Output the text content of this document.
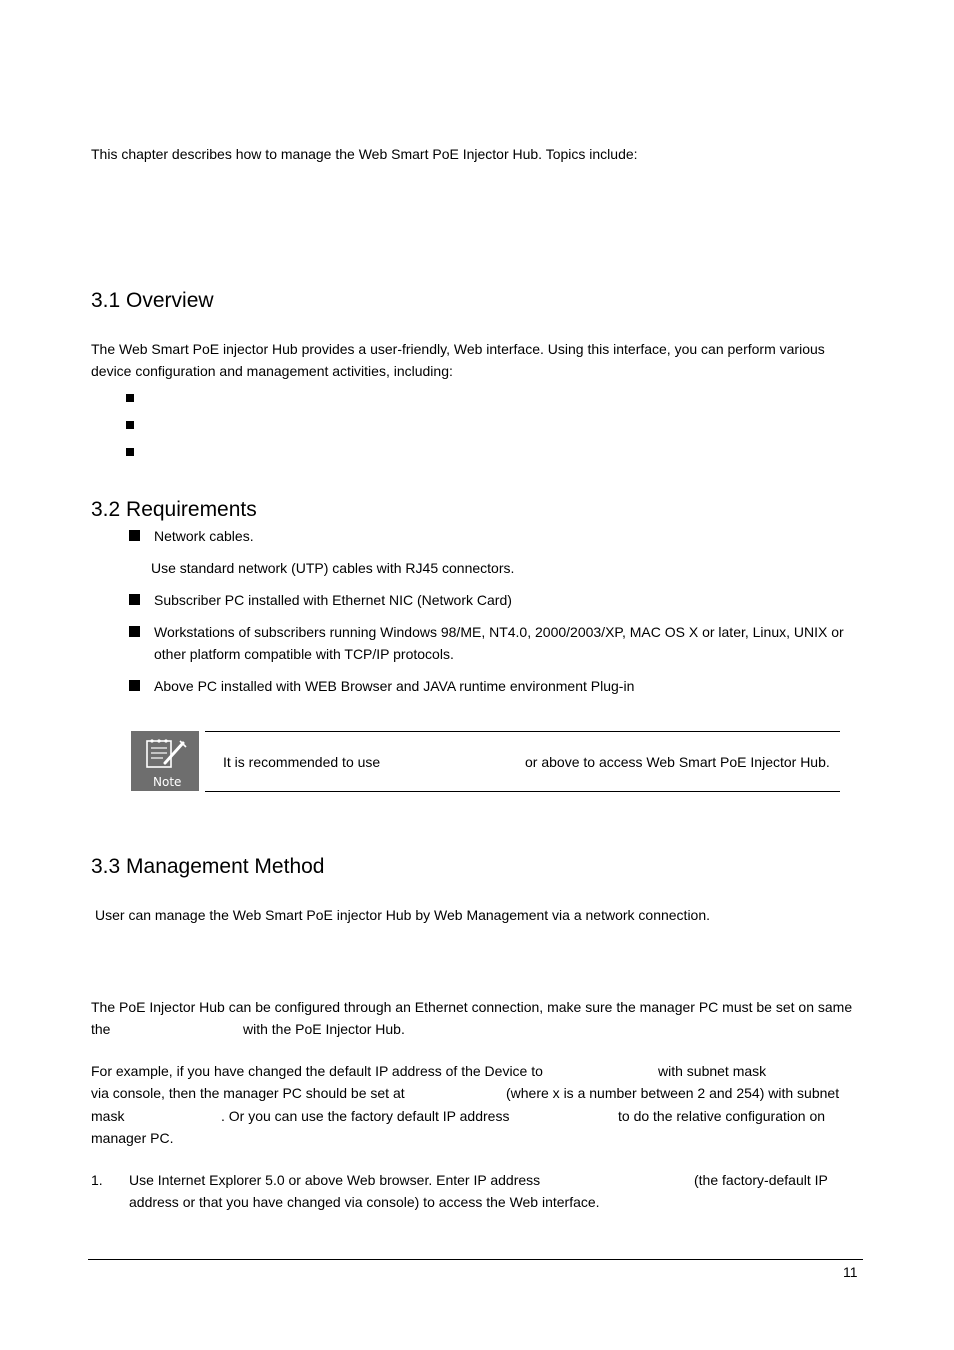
This chapter describes how to manage the Web Smart PoE Injector Hub. Topics include:
3.1 Overview
The Web Smart PoE injector Hub provides a user-friendly, Web interface. Using this interface, you can perform various
device configuration and management activities, including:
3.2 Requirements
Network cables.
Use standard network (UTP) cables with RJ45 connectors.
Subscriber PC installed with Ethernet NIC (Network Card)
Workstations of subscribers running Windows 98/ME, NT4.0, 2000/2003/XP, MAC OS X or later, Linux, UNIX or
other platform compatible with TCP/IP protocols.
Above PC installed with WEB Browser and JAVA runtime environment Plug-in
Note
It is recommended to use	or above to access Web Smart PoE Injector Hub.
3.3 Management Method
User can manage the Web Smart PoE injector Hub by Web Management via a network connection.
The PoE Injector Hub can be configured through an Ethernet connection, make sure the manager PC must be set on same
the	with the PoE Injector Hub.
For example, if you have changed the default IP address of the Device to	with subnet mask
via console, then the manager PC should be set at	(where x is a number between 2 and 254) with subnet
mask	. Or you can use the factory default IP address	to do the relative configuration on
manager PC.
1. Use Internet Explorer 5.0 or above Web browser. Enter IP address	(the factory-default IP
address or that you have changed via console) to access the Web interface.
11
